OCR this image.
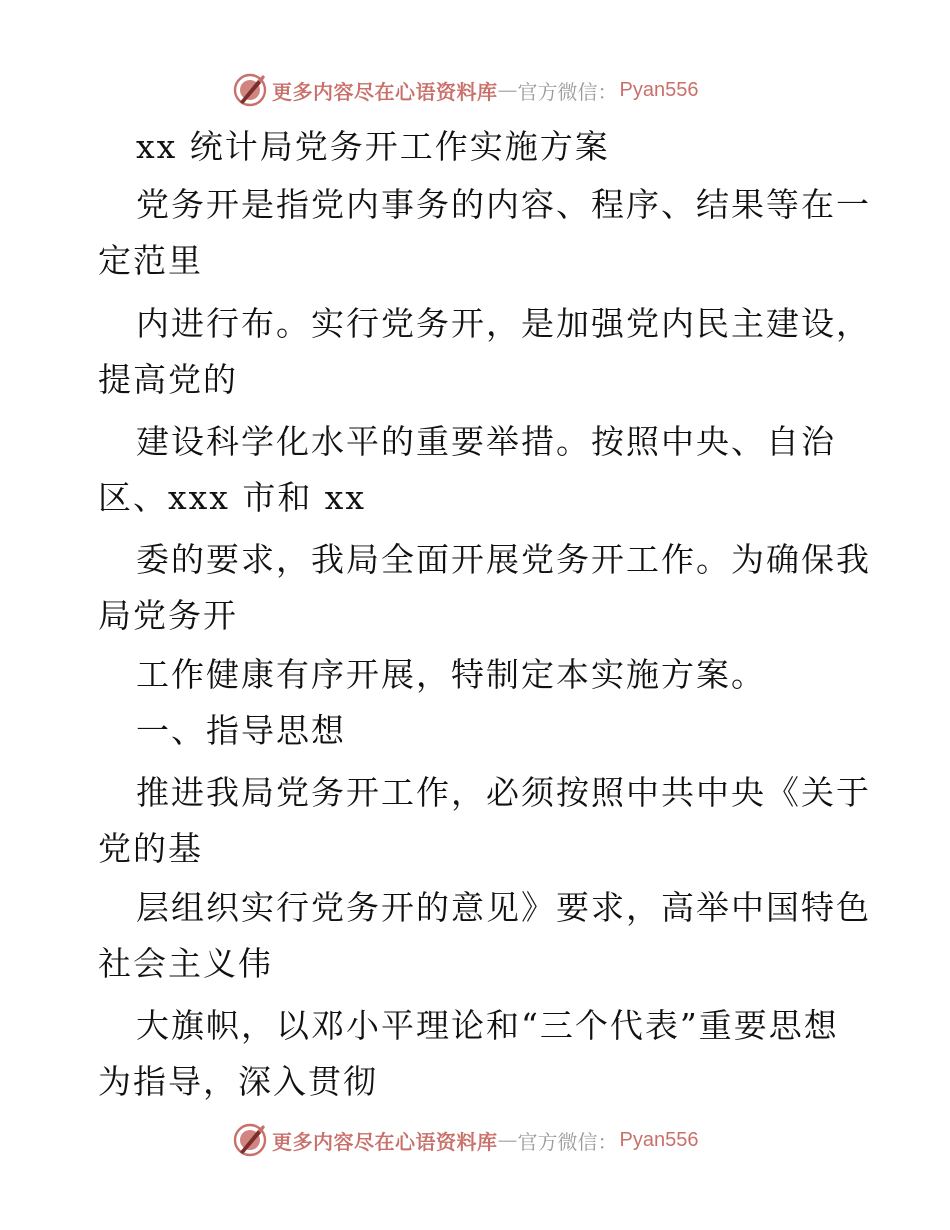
更多内容尽在心语资料库 — 官方微信： Pyan556
xx 统计局党务开工作实施方案
党务开是指党内事务的内容、程序、结果等在一
定范里
内进行布。实行党务开，是加强党内民主建设，
提高党的
建设科学化水平的重要举措。按照中央、自治
区、xxx 市和 xx
委的要求，我局全面开展党务开工作。为确保我
局党务开
工作健康有序开展，特制定本实施方案。
一、指导思想
推进我局党务开工作，必须按照中共中央《关于
党的基
层组织实行党务开的意见》要求，高举中国特色
社会主义伟
大旗帜，以邓小平理论和“三个代表”重要思想
为指导，深入贯彻
更多内容尽在心语资料库 — 官方微信： Pyan556
